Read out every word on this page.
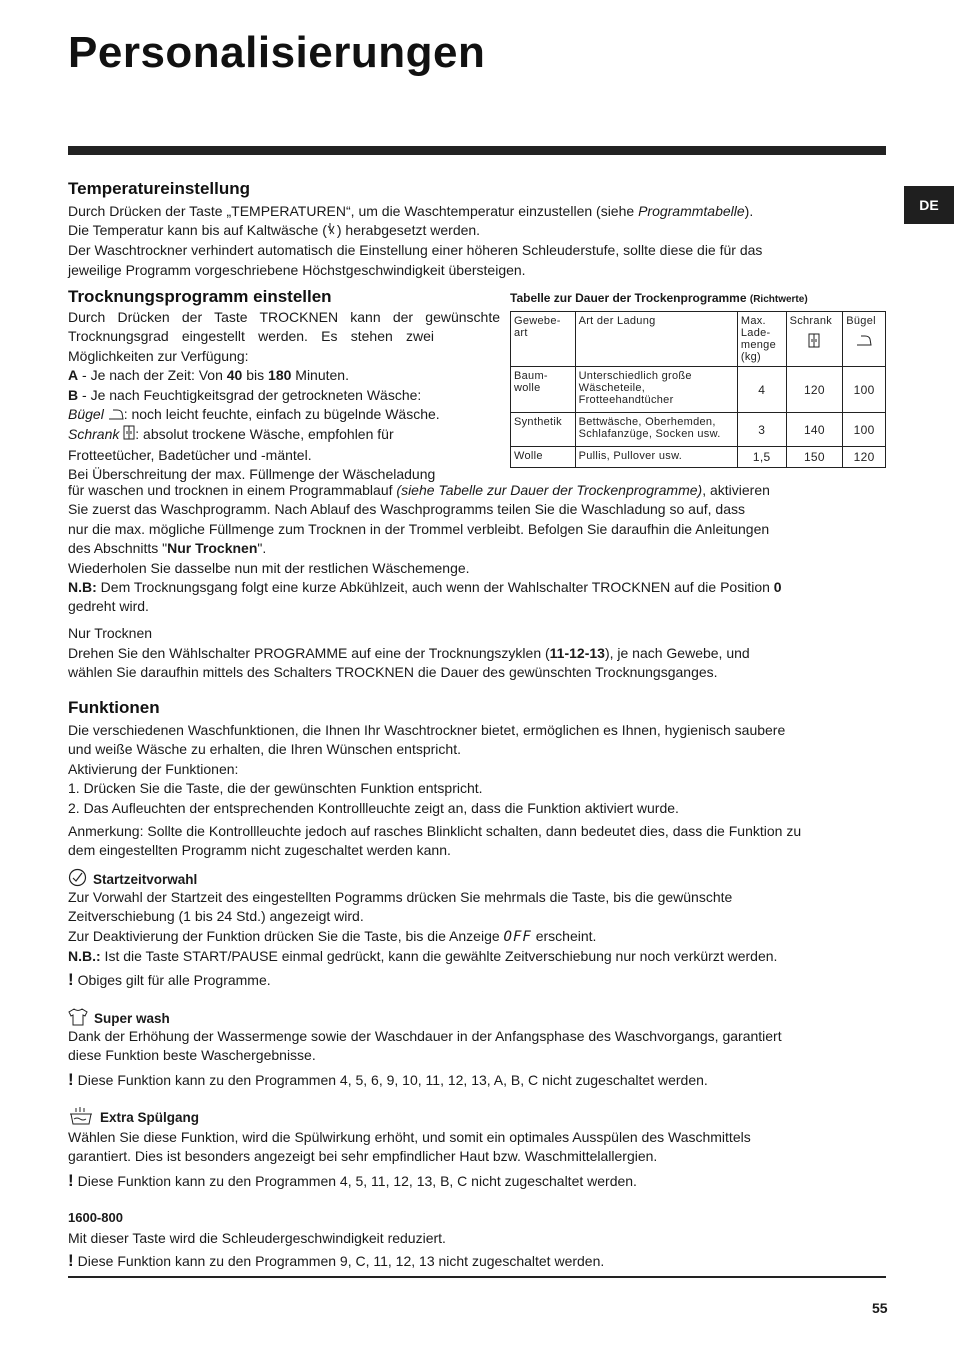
Personalisierungen
DE
Temperatureinstellung

Durch Drücken der Taste „TEMPERATUREN“, um die Waschtemperatur einzustellen (siehe Programmtabelle).

Die Temperatur kann bis auf Kaltwäsche ( ) herabgesetzt werden.

Der Waschtrockner verhindert automatisch die Einstellung einer höheren Schleuderstufe, sollte diese die für das

jeweilige Programm vorgeschriebene Höchstgeschwindigkeit übersteigen.

Trocknungsprogramm einstellen

Durch Drücken der Taste TROCKNEN kann der gewünschte

Trocknungsgrad eingestellt werden. Es stehen zwei

Möglichkeiten zur Verfügung:

A - Je nach der Zeit: Von 40 bis 180 Minuten.

B - Je nach Feuchtigkeitsgrad der getrockneten Wäsche:

Bügel : noch leicht feuchte, einfach zu bügelnde Wäsche.

Schrank : absolut trockene Wäsche, empfohlen für

Frotteetücher, Badetücher und -mäntel.

Bei Überschreitung der max. Füllmenge der Wäscheladung

Tabelle zur Dauer der Trockenprogramme (Richtwerte)
Gewebe-
art	Art der Ladung	Max.
Lade-
menge
(kg)	Schrank	Bügel

Baum-
wolle	Unterschiedlich große
Wäscheteile,
Frotteehandtücher	4	120	100
Synthetik	Bettwäsche, Oberhemden,
Schlafanzüge, Socken usw.	3	140	100
Wolle	Pullis, Pullover usw.	1,5	150	120

für waschen und trocknen in einem Programmablauf (siehe Tabelle zur Dauer der Trockenprogramme), aktivieren

Sie zuerst das Waschprogramm. Nach Ablauf des Waschprogramms teilen Sie die Waschladung so auf, dass

nur die max. mögliche Füllmenge zum Trocknen in der Trommel verbleibt. Befolgen Sie daraufhin die Anleitungen

des Abschnitts "Nur Trocknen".

Wiederholen Sie dasselbe nun mit der restlichen Wäschemenge.

N.B: Dem Trocknungsgang folgt eine kurze Abkühlzeit, auch wenn der Wahlschalter TROCKNEN auf die Position 0

gedreht wird.

Nur Trocknen

Drehen Sie den Wählschalter PROGRAMME auf eine der Trocknungszyklen (11-12-13), je nach Gewebe, und

wählen Sie daraufhin mittels des Schalters TROCKNEN die Dauer des gewünschten Trocknungsganges.

Funktionen

Die verschiedenen Waschfunktionen, die Ihnen Ihr Waschtrockner bietet, ermöglichen es Ihnen, hygienisch saubere

und weiße Wäsche zu erhalten, die Ihren Wünschen entspricht.

Aktivierung der Funktionen:

1. Drücken Sie die Taste, die der gewünschten Funktion entspricht.

2. Das Aufleuchten der entsprechenden Kontrollleuchte zeigt an, dass die Funktion aktiviert wurde.

Anmerkung: Sollte die Kontrollleuchte jedoch auf rasches Blinklicht schalten, dann bedeutet dies, dass die Funktion zu

dem eingestellten Programm nicht zugeschaltet werden kann.

Startzeitvorwahl

Zur Vorwahl der Startzeit des eingestellten Pogramms drücken Sie mehrmals die Taste, bis die gewünschte

Zeitverschiebung (1 bis 24 Std.) angezeigt wird.

Zur Deaktivierung der Funktion drücken Sie die Taste, bis die Anzeige OFF erscheint.

N.B.: Ist die Taste START/PAUSE einmal gedrückt, kann die gewählte Zeitverschiebung nur noch verkürzt werden.

! Obiges gilt für alle Programme.

Super wash

Dank der Erhöhung der Wassermenge sowie der Waschdauer in der Anfangsphase des Waschvorgangs, garantiert

diese Funktion beste Waschergebnisse.

! Diese Funktion kann zu den Programmen 4, 5, 6, 9, 10, 11, 12, 13, A, B, C nicht zugeschaltet werden.

Extra Spülgang

Wählen Sie diese Funktion, wird die Spülwirkung erhöht, und somit ein optimales Ausspülen des Waschmittels

garantiert. Dies ist besonders angezeigt bei sehr empfindlicher Haut bzw. Waschmittelallergien.

! Diese Funktion kann zu den Programmen 4, 5, 11, 12, 13, B, C nicht zugeschaltet werden.

1600-800

Mit dieser Taste wird die Schleudergeschwindigkeit reduziert.

! Diese Funktion kann zu den Programmen 9, C, 11, 12, 13 nicht zugeschaltet werden.

55
